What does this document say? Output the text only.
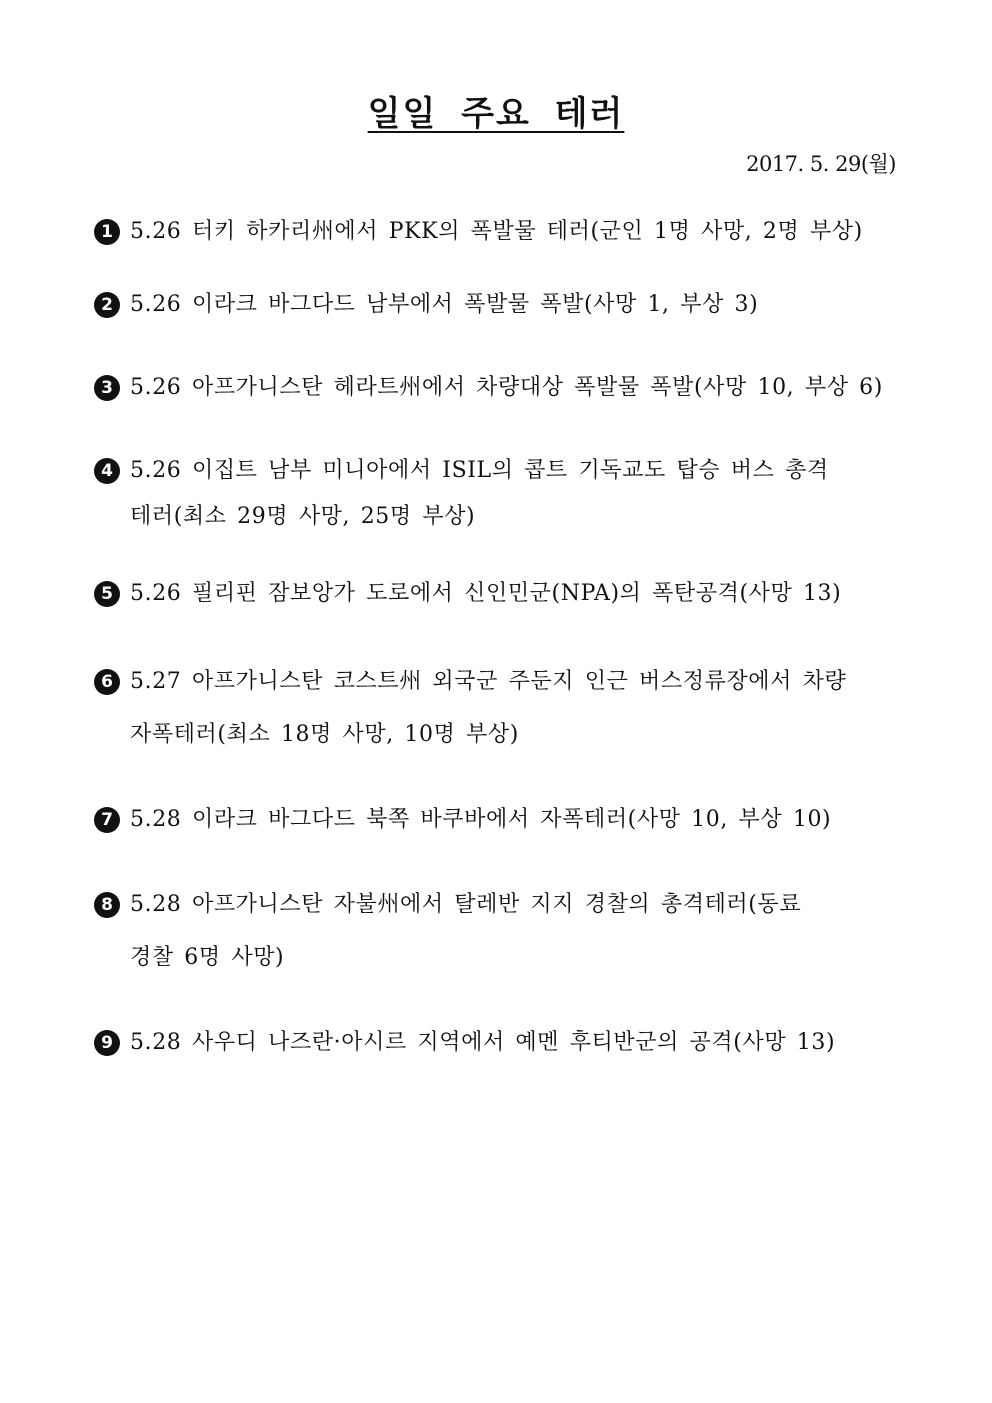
일일 주요 테러
2017. 5. 29(월)
1 5.26 터키 하카리州에서 PKK의 폭발물 테러(군인 1명 사망, 2명 부상)
2 5.26 이라크 바그다드 남부에서 폭발물 폭발(사망 1, 부상 3)
3 5.26 아프가니스탄 헤라트州에서 차량대상 폭발물 폭발(사망 10, 부상 6)
4 5.26 이집트 남부 미니아에서 ISIL의 콥트 기독교도 탑승 버스 총격
테러(최소 29명 사망, 25명 부상)
5 5.26 필리핀 잠보앙가 도로에서 신인민군(NPA)의 폭탄공격(사망 13)
6 5.27 아프가니스탄 코스트州 외국군 주둔지 인근 버스정류장에서 차량
자폭테러(최소 18명 사망, 10명 부상)
7 5.28 이라크 바그다드 북쪽 바쿠바에서 자폭테러(사망 10, 부상 10)
8 5.28 아프가니스탄 자불州에서 탈레반 지지 경찰의 총격테러(동료
경찰 6명 사망)
9 5.28 사우디 나즈란·아시르 지역에서 예멘 후티반군의 공격(사망 13)
